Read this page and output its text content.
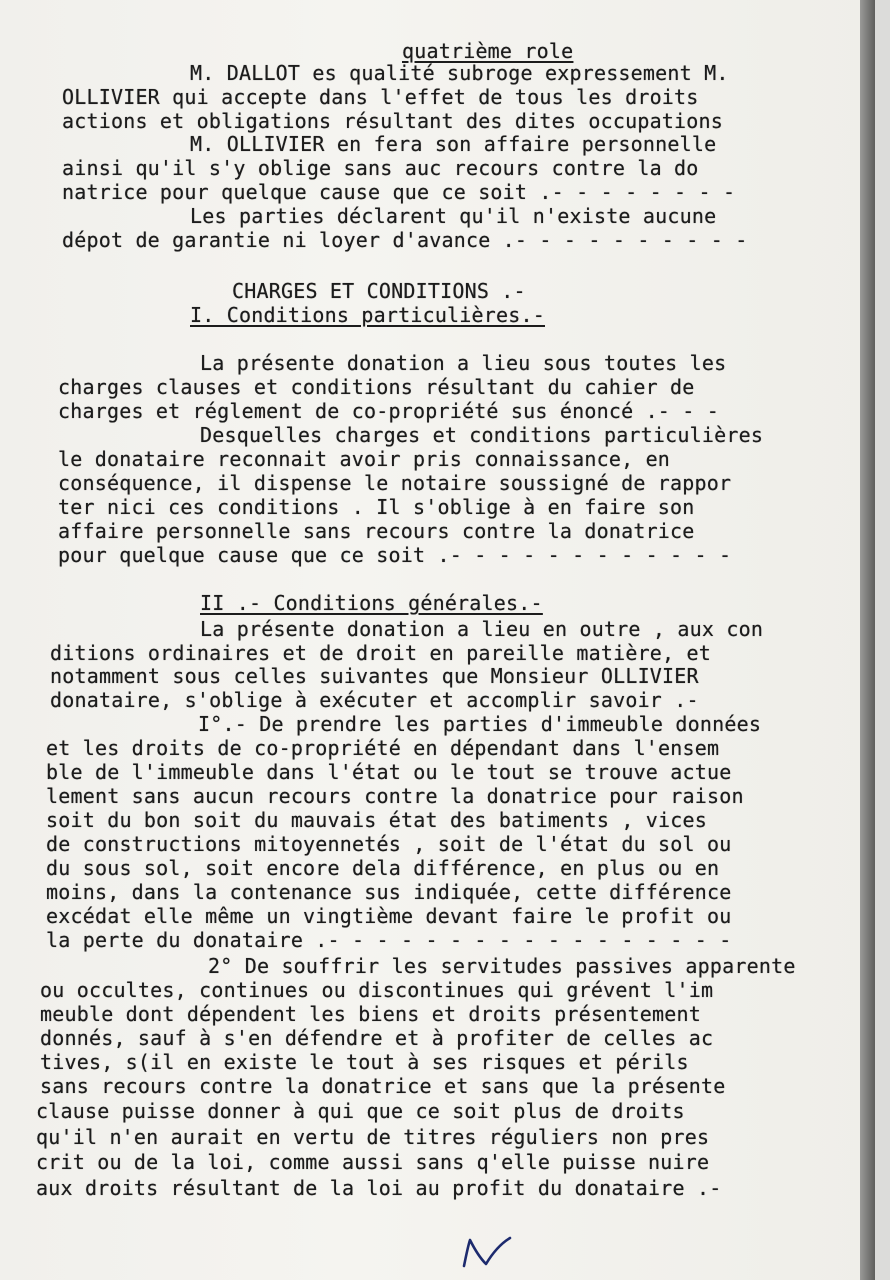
quatrième role

M. DALLOT es qualité subroge expressement M.

OLLIVIER qui accepte dans l'effet de tous les droits

actions et obligations résultant des dites occupations

M. OLLIVIER en fera son affaire personnelle

ainsi qu'il s'y oblige sans auc recours contre la do

natrice pour quelque cause que ce soit .- - - - - - - -

Les parties déclarent qu'il n'existe aucune

dépot de garantie ni loyer d'avance .- - - - - - - - - -

CHARGES ET CONDITIONS .-

I. Conditions particulières.-

La présente donation a lieu sous toutes les

charges clauses et conditions résultant du cahier de

charges et réglement de co-propriété sus énoncé .- - -

Desquelles charges et conditions particulières

le donataire reconnait avoir pris connaissance, en

conséquence, il dispense le notaire soussigné de rappor

ter nici ces conditions . Il s'oblige à en faire son

affaire personnelle sans recours contre la donatrice

pour quelque cause que ce soit .- - - - - - - - - - - -

II .- Conditions générales.-

La présente donation a lieu en outre , aux con

ditions ordinaires et de droit en pareille matière, et

notamment sous celles suivantes que Monsieur OLLIVIER

donataire, s'oblige à exécuter et accomplir savoir .-

I°.- De prendre les parties d'immeuble données

et les droits de co-propriété en dépendant dans l'ensem

ble de l'immeuble dans l'état ou le tout se trouve actue

lement sans aucun recours contre la donatrice pour raison

soit du bon soit du mauvais état des batiments , vices

de constructions mitoyennetés , soit de l'état du sol ou

du sous sol, soit encore dela différence, en plus ou en

moins, dans la contenance sus indiquée, cette différence

excédat elle même un vingtième devant faire le profit ou

la perte du donataire .- - - - - - - - - - - - - - - - -

2° De souffrir les servitudes passives apparente

ou occultes, continues ou discontinues qui grévent l'im

meuble dont dépendent les biens et droits présentement

donnés, sauf à s'en défendre et à profiter de celles ac

tives, s(il en existe le tout à ses risques et périls

sans recours contre la donatrice et sans que la présente

clause puisse donner à qui que ce soit plus de droits

qu'il n'en aurait en vertu de titres réguliers non pres

crit ou de la loi, comme aussi sans q'elle puisse nuire

aux droits résultant de la loi au profit du donataire .-
